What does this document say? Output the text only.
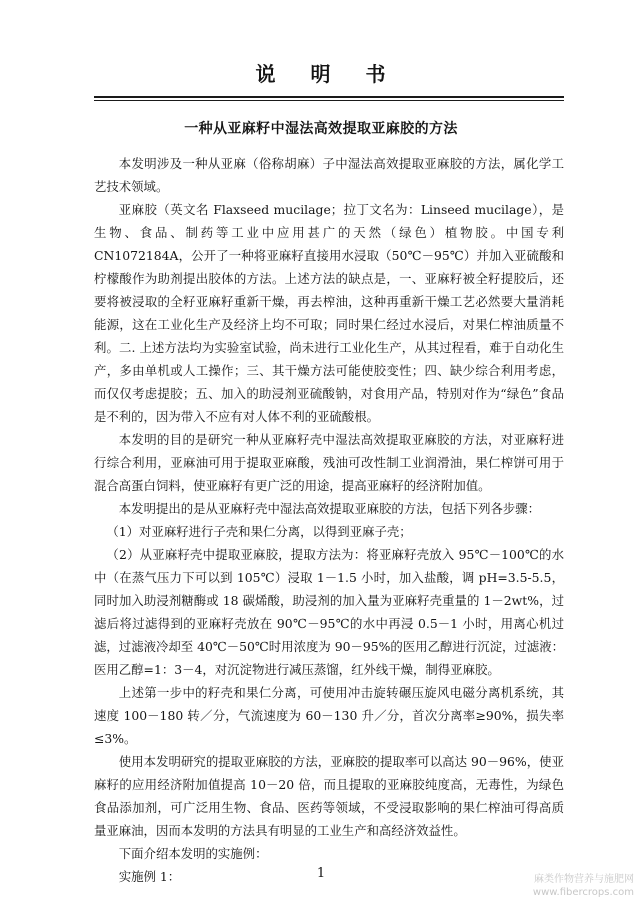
说 明 书
一种从亚麻籽中湿法高效提取亚麻胶的方法

本发明涉及一种从亚麻（俗称胡麻）子中湿法高效提取亚麻胶的方法，属化学工艺技术领域。

亚麻胶（英文名 Flaxseed mucilage；拉丁文名为：Linseed mucilage），是生物、食品、制药等工业中应用甚广的天然（绿色）植物胶。中国专利 CN1072184A，公开了一种将亚麻籽直接用水浸取（50℃－95℃）并加入亚硫酸和柠檬酸作为助剂提出胶体的方法。上述方法的缺点是，一、亚麻籽被全籽提胶后，还要将被浸取的全籽亚麻籽重新干燥，再去榨油，这种再重新干燥工艺必然要大量消耗能源，这在工业化生产及经济上均不可取；同时果仁经过水浸后，对果仁榨油质量不利。二. 上述方法均为实验室试验，尚未进行工业化生产，从其过程看，难于自动化生产，多由单机或人工操作；三、其干燥方法可能使胶变性；四、缺少综合利用考虑，而仅仅考虑提胶；五、加入的助浸剂亚硫酸钠，对食用产品，特别对作为“绿色”食品是不利的，因为带入不应有对人体不利的亚硫酸根。

本发明的目的是研究一种从亚麻籽壳中湿法高效提取亚麻胶的方法，对亚麻籽进行综合利用，亚麻油可用于提取亚麻酸，残油可改性制工业润滑油，果仁榨饼可用于混合高蛋白饲料，使亚麻籽有更广泛的用途，提高亚麻籽的经济附加值。

本发明提出的是从亚麻籽壳中湿法高效提取亚麻胶的方法，包括下列各步骤：

（1）对亚麻籽进行子壳和果仁分离，以得到亚麻子壳；

（2）从亚麻籽壳中提取亚麻胶，提取方法为：将亚麻籽壳放入 95℃－100℃的水中（在蒸气压力下可以到 105℃）浸取 1－1.5 小时，加入盐酸，调 pH=3.5-5.5，同时加入助浸剂糖酶或 18 碳烯酸，助浸剂的加入量为亚麻籽壳重量的 1－2wt%，过滤后将过滤得到的亚麻籽壳放在 90℃－95℃的水中再浸 0.5－1 小时，用离心机过滤，过滤液冷却至 40℃－50℃时用浓度为 90－95%的医用乙醇进行沉淀，过滤液：医用乙醇=1：3－4，对沉淀物进行减压蒸馏，红外线干燥，制得亚麻胶。

上述第一步中的籽壳和果仁分离，可使用冲击旋转碾压旋风电磁分离机系统，其速度 100－180 转／分，气流速度为 60－130 升／分，首次分离率≥90%，损失率≤3%。

使用本发明研究的提取亚麻胶的方法，亚麻胶的提取率可以高达 90－96%，使亚麻籽的应用经济附加值提高 10－20 倍，而且提取的亚麻胶纯度高，无毒性，为绿色食品添加剂，可广泛用生物、食品、医药等领域，不受浸取影响的果仁榨油可得高质量亚麻油，因而本发明的方法具有明显的工业生产和高经济效益性。

下面介绍本发明的实施例：

实施例 1：	1	麻类作物营养与施肥网
www.fibercrops.com
